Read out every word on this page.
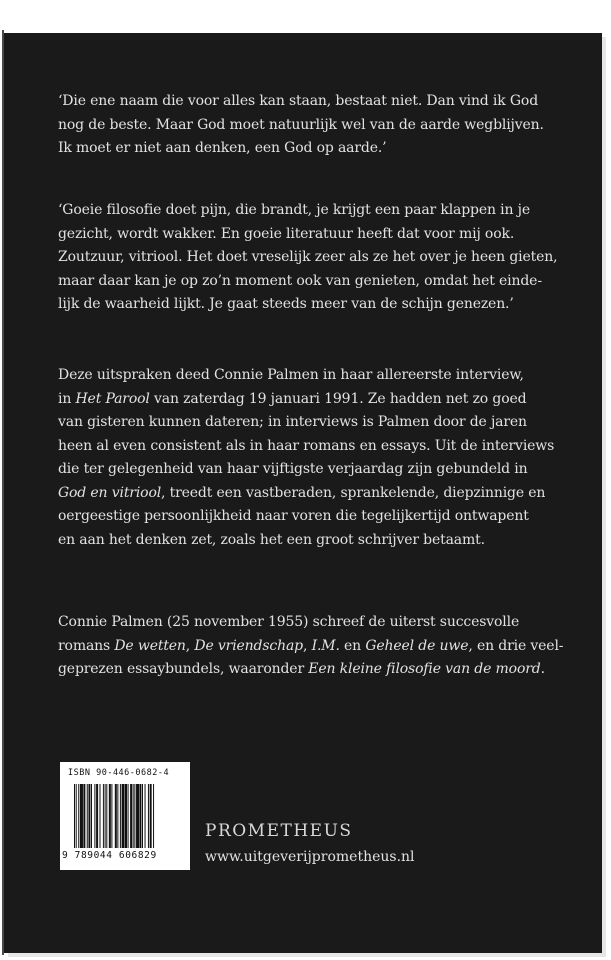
‘Die ene naam die voor alles kan staan, bestaat niet. Dan vind ik God
nog de beste. Maar God moet natuurlijk wel van de aarde wegblijven.
Ik moet er niet aan denken, een God op aarde.’
‘Goeie filosofie doet pijn, die brandt, je krijgt een paar klappen in je
gezicht, wordt wakker. En goeie literatuur heeft dat voor mij ook.
Zoutzuur, vitriool. Het doet vreselijk zeer als ze het over je heen gieten,
maar daar kan je op zo’n moment ook van genieten, omdat het einde-
lijk de waarheid lijkt. Je gaat steeds meer van de schijn genezen.’
Deze uitspraken deed Connie Palmen in haar allereerste interview,
in Het Parool van zaterdag 19 januari 1991. Ze hadden net zo goed
van gisteren kunnen dateren; in interviews is Palmen door de jaren
heen al even consistent als in haar romans en essays. Uit de interviews
die ter gelegenheid van haar vijftigste verjaardag zijn gebundeld in
God en vitriool, treedt een vastberaden, sprankelende, diepzinnige en
oergeestige persoonlijkheid naar voren die tegelijkertijd ontwapent
en aan het denken zet, zoals het een groot schrijver betaamt.
Connie Palmen (25 november 1955) schreef de uiterst succesvolle
romans De wetten, De vriendschap, I.M. en Geheel de uwe, en drie veel-
geprezen essaybundels, waaronder Een kleine filosofie van de moord.
ISBN 90-446-0682-4
9 789044 606829
PROMETHEUS
www.uitgeverijprometheus.nl
